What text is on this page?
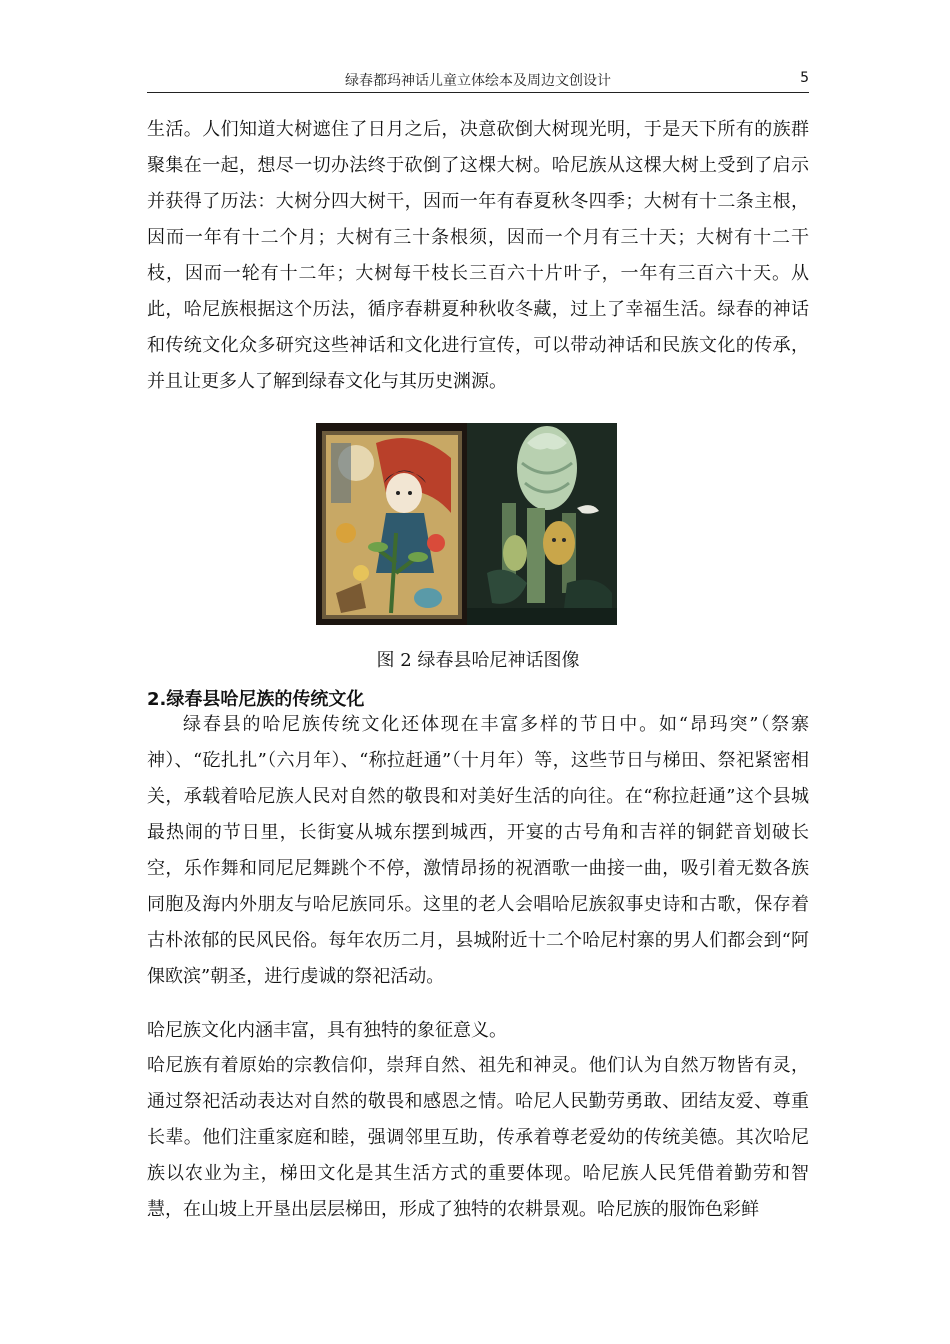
绿春都玛神话儿童立体绘本及周边文创设计	5

生活。人们知道大树遮住了日月之后，决意砍倒大树现光明，于是天下所有的族群聚集在一起，想尽一切办法终于砍倒了这棵大树。哈尼族从这棵大树上受到了启示并获得了历法：大树分四大树干，因而一年有春夏秋冬四季；大树有十二条主根，因而一年有十二个月；大树有三十条根须，因而一个月有三十天；大树有十二干枝，因而一轮有十二年；大树每干枝长三百六十片叶子，一年有三百六十天。从此，哈尼族根据这个历法，循序春耕夏种秋收冬藏，过上了幸福生活。绿春的神话和传统文化众多研究这些神话和文化进行宣传，可以带动神话和民族文化的传承，并且让更多人了解到绿春文化与其历史渊源。

图 2 绿春县哈尼神话图像
2.绿春县哈尼族的传统文化

绿春县的哈尼族传统文化还体现在丰富多样的节日中。如“昂玛突”（祭寨神）、“矻扎扎”（六月年）、“称拉赶通”（十月年）等，这些节日与梯田、祭祀紧密相关，承载着哈尼族人民对自然的敬畏和对美好生活的向往。在“称拉赶通”这个县城最热闹的节日里，长街宴从城东摆到城西，开宴的古号角和吉祥的铜鋩音划破长空，乐作舞和同尼尼舞跳个不停，激情昂扬的祝酒歌一曲接一曲，吸引着无数各族同胞及海内外朋友与哈尼族同乐。这里的老人会唱哈尼族叙事史诗和古歌，保存着古朴浓郁的民风民俗。每年农历二月，县城附近十二个哈尼村寨的男人们都会到“阿倮欧滨”朝圣，进行虔诚的祭祀活动。

哈尼族文化内涵丰富，具有独特的象征意义。

哈尼族有着原始的宗教信仰，崇拜自然、祖先和神灵。他们认为自然万物皆有灵，通过祭祀活动表达对自然的敬畏和感恩之情。哈尼人民勤劳勇敢、团结友爱、尊重长辈。他们注重家庭和睦，强调邻里互助，传承着尊老爱幼的传统美德。其次哈尼族以农业为主，梯田文化是其生活方式的重要体现。哈尼族人民凭借着勤劳和智慧，在山坡上开垦出层层梯田，形成了独特的农耕景观。哈尼族的服饰色彩鲜
